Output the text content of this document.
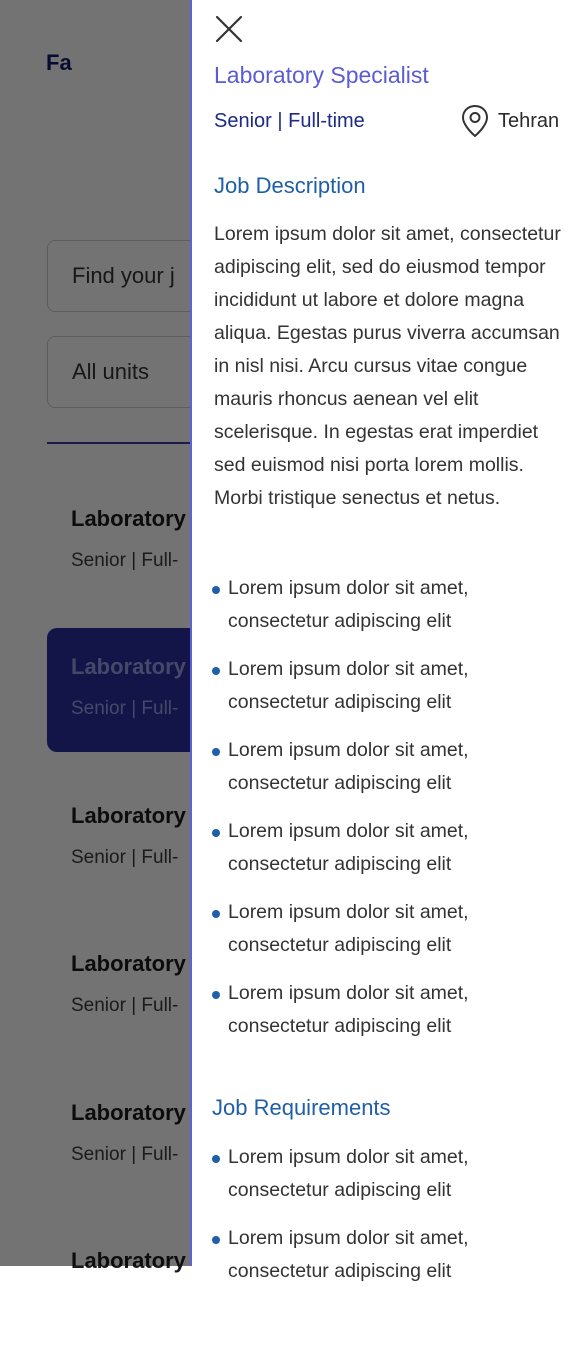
Laboratory Specialist
Senior | Full-time	Tehran
Job Description

Lorem ipsum dolor sit amet, consectetur adipiscing elit, sed do eiusmod tempor incididunt ut labore et dolore magna aliqua. Egestas purus viverra accumsan in nisl nisi. Arcu cursus vitae congue mauris rhoncus aenean vel elit scelerisque. In egestas erat imperdiet sed euismod nisi porta lorem mollis. Morbi tristique senectus et netus.

Lorem ipsum dolor sit amet, consectetur adipiscing elit
Lorem ipsum dolor sit amet, consectetur adipiscing elit
Lorem ipsum dolor sit amet, consectetur adipiscing elit
Lorem ipsum dolor sit amet, consectetur adipiscing elit
Lorem ipsum dolor sit amet, consectetur adipiscing elit
Lorem ipsum dolor sit amet, consectetur adipiscing elit
Job Requirements
Lorem ipsum dolor sit amet, consectetur adipiscing elit
Lorem ipsum dolor sit amet, consectetur adipiscing elit
